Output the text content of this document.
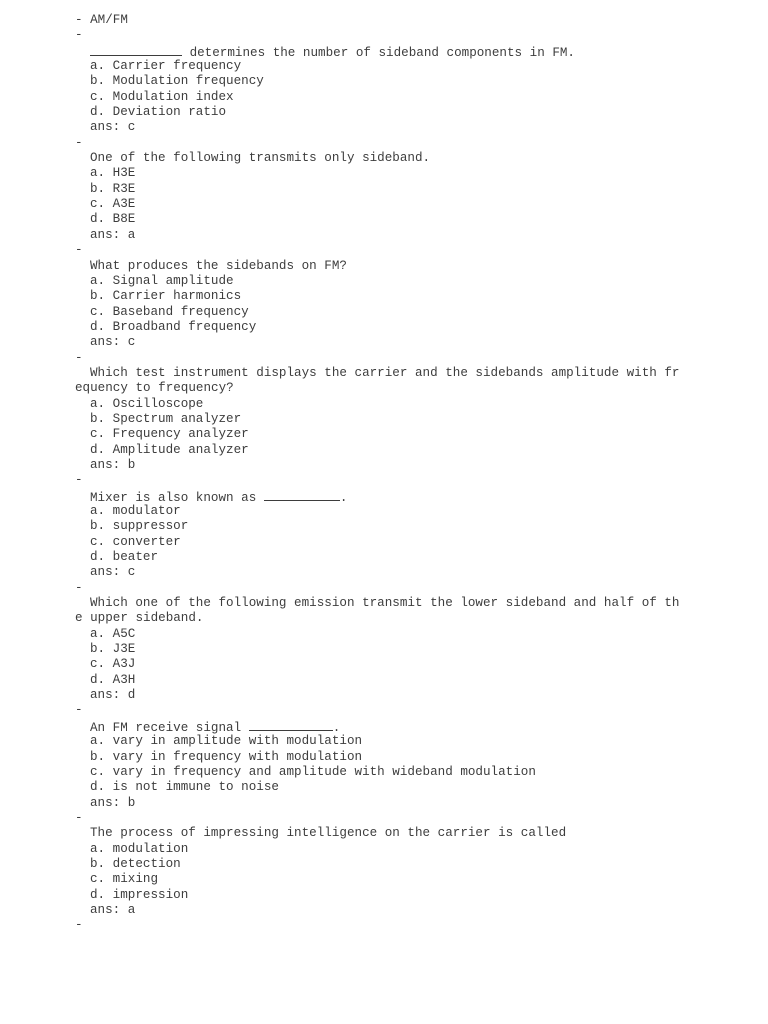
- AM/FM
-
determines the number of sideband components in FM.
a. Carrier frequency
b. Modulation frequency
c. Modulation index
d. Deviation ratio
ans: c
-
One of the following transmits only sideband.
a. H3E
b. R3E
c. A3E
d. B8E
ans: a
-
What produces the sidebands on FM?
a. Signal amplitude
b. Carrier harmonics
c. Baseband frequency
d. Broadband frequency
ans: c
-
Which test instrument displays the carrier and the sidebands amplitude with fr
equency to frequency?
a. Oscilloscope
b. Spectrum analyzer
c. Frequency analyzer
d. Amplitude analyzer
ans: b
-
Mixer is also known as	.
a. modulator
b. suppressor
c. converter
d. beater
ans: c
-
Which one of the following emission transmit the lower sideband and half of th
e upper sideband.
a. A5C
b. J3E
c. A3J
d. A3H
ans: d
-
An FM receive signal	.
a. vary in amplitude with modulation
b. vary in frequency with modulation
c. vary in frequency and amplitude with wideband modulation
d. is not immune to noise
ans: b
-
The process of impressing intelligence on the carrier is called
a. modulation
b. detection
c. mixing
d. impression
ans: a
-
